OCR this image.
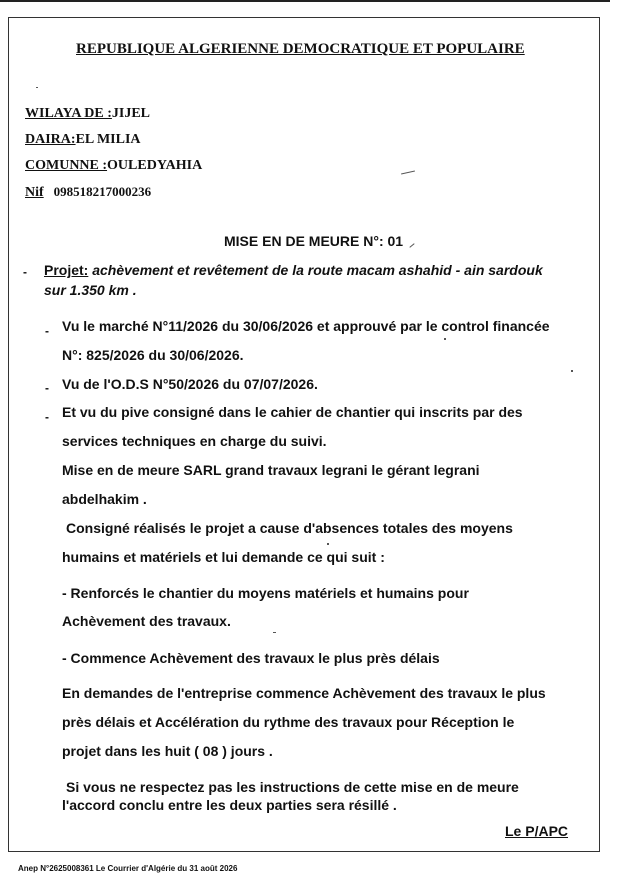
REPUBLIQUE ALGERIENNE DEMOCRATIQUE ET POPULAIRE
WILAYA DE :JIJEL
DAIRA:EL MILIA
COMUNNE :OULEDYAHIA
Nif 098518217000236
MISE EN DE MEURE N°: 01
- Projet: achèvement et revêtement de la route macam ashahid - ain sardouk
sur 1.350 km .
- Vu le marché N°11/2026 du 30/06/2026 et approuvé par le control financée
N°: 825/2026 du 30/06/2026.
- Vu de l'O.D.S N°50/2026 du 07/07/2026.
- Et vu du pive consigné dans le cahier de chantier qui inscrits par des
services techniques en charge du suivi.
Mise en de meure SARL grand travaux legrani le gérant legrani
abdelhakim .
Consigné réalisés le projet a cause d'absences totales des moyens
humains et matériels et lui demande ce qui suit :
- Renforcés le chantier du moyens matériels et humains pour
Achèvement des travaux.
- Commence Achèvement des travaux le plus près délais
En demandes de l'entreprise commence Achèvement des travaux le plus
près délais et Accélération du rythme des travaux pour Réception le
projet dans les huit ( 08 ) jours .
Si vous ne respectez pas les instructions de cette mise en de meure
l'accord conclu entre les deux parties sera résillé .
Le P/APC
Anep N°2625008361 Le Courrier d'Algérie du 31 août 2026
